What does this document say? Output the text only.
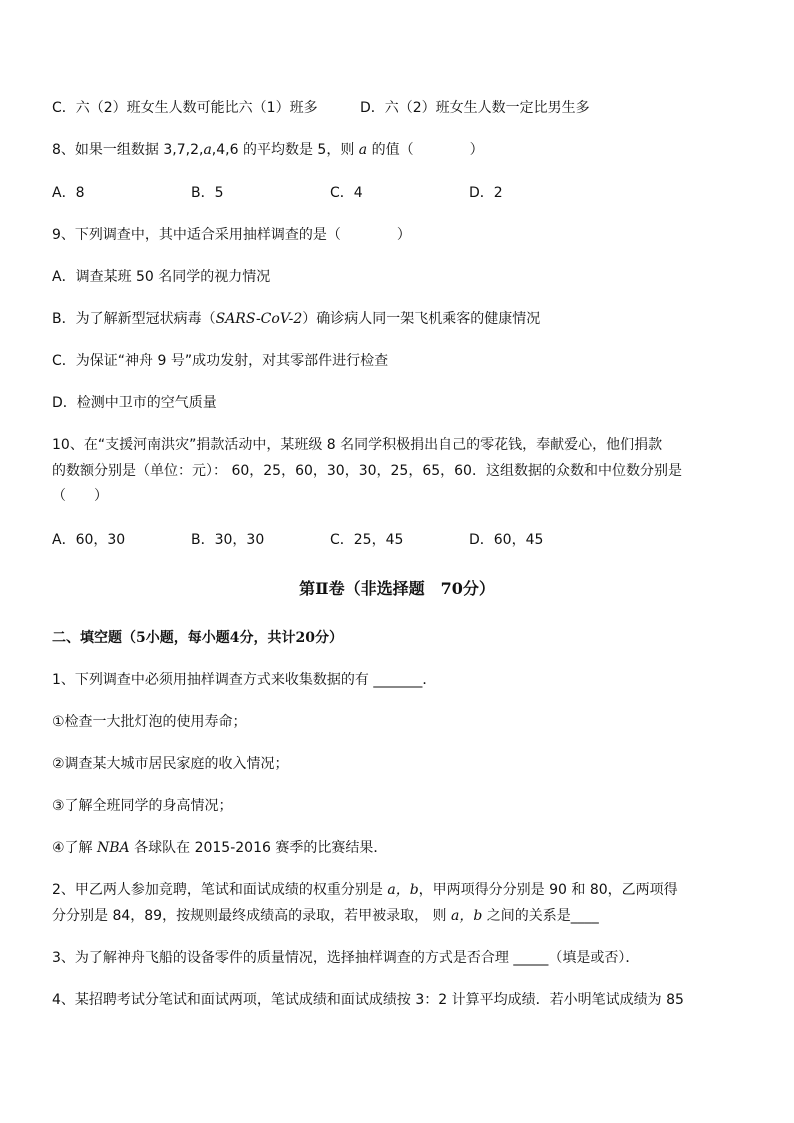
C．六（2）班女生人数可能比六（1）班多	D．六（2）班女生人数一定比男生多
8、如果一组数据 3,7,2,a,4,6 的平均数是 5，则 a 的值（　　　　）
A．8	B．5	C．4	D．2
9、下列调查中，其中适合采用抽样调查的是（　　　　）
A．调查某班 50 名同学的视力情况
B．为了解新型冠状病毒（SARS-CoV-2）确诊病人同一架飞机乘客的健康情况
C．为保证“神舟 9 号”成功发射，对其零部件进行检查
D．检测中卫市的空气质量
10、在“支援河南洪灾”捐款活动中，某班级 8 名同学积极捐出自己的零花钱，奉献爱心，他们捐款
的数额分别是（单位：元）： 60，25，60，30，30，25，65，60．这组数据的众数和中位数分别是
（　　）
A．60，30	B．30，30	C．25，45	D．60，45
第Ⅱ卷（非选择题　70分）
二、填空题（5小题，每小题4分，共计20分）
1、下列调查中必须用抽样调查方式来收集数据的有 _______．
①检查一大批灯泡的使用寿命；
②调查某大城市居民家庭的收入情况；
③了解全班同学的身高情况；
④了解 NBA 各球队在 2015-2016 赛季的比赛结果．
2、甲乙两人参加竞聘，笔试和面试成绩的权重分别是 a，b，甲两项得分分别是 90 和 80，乙两项得
分分别是 84，89，按规则最终成绩高的录取，若甲被录取， 则 a，b 之间的关系是____
3、为了解神舟飞船的设备零件的质量情况，选择抽样调查的方式是否合理 _____（填是或否）．
4、某招聘考试分笔试和面试两项，笔试成绩和面试成绩按 3：2 计算平均成绩．若小明笔试成绩为 85
